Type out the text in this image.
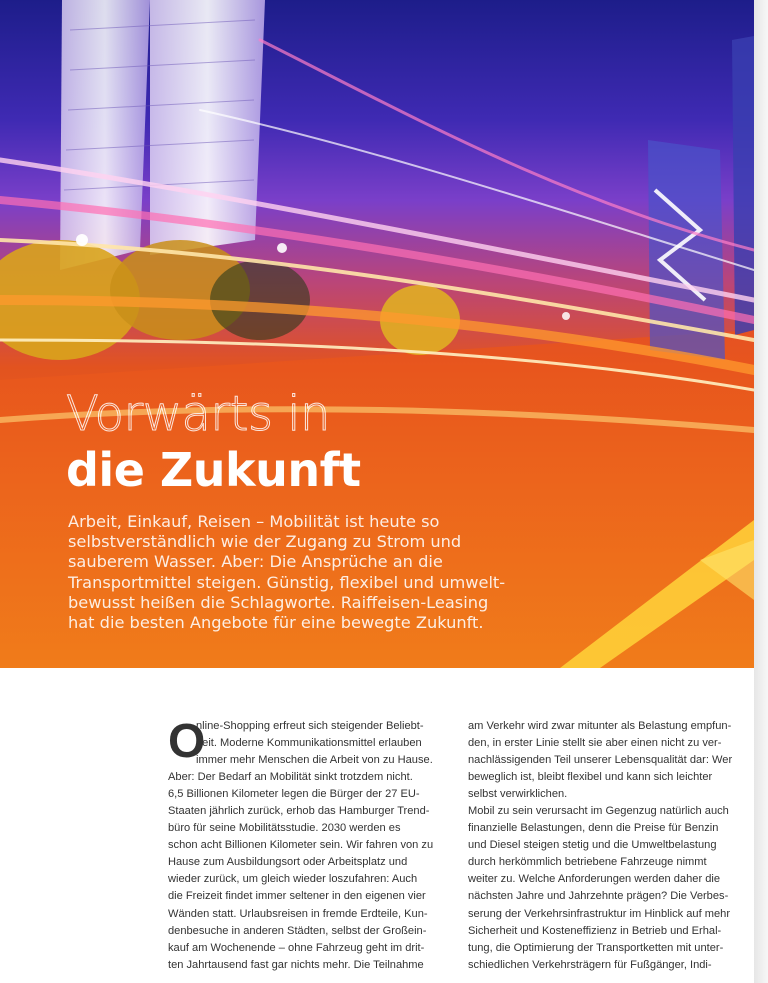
Vorwärts in
die Zukunft
Arbeit, Einkauf, Reisen – Mobilität ist heute so
selbstverständlich wie der Zugang zu Strom und
sauberem Wasser. Aber: Die Ansprüche an die
Transportmittel steigen. Günstig, flexibel und umwelt-
bewusst heißen die Schlagworte. Raiffeisen-Leasing
hat die besten Angebote für eine bewegte Zukunft.
O
nline-Shopping erfreut sich steigender Beliebt-
heit. Moderne Kommunikationsmittel erlauben
immer mehr Menschen die Arbeit von zu Hause.
Aber: Der Bedarf an Mobilität sinkt trotzdem nicht.
6,5 Billionen Kilometer legen die Bürger der 27 EU-
Staaten jährlich zurück, erhob das Hamburger Trend-
büro für seine Mobilitätsstudie. 2030 werden es
schon acht Billionen Kilometer sein. Wir fahren von zu
Hause zum Ausbildungsort oder Arbeitsplatz und
wieder zurück, um gleich wieder loszufahren: Auch
die Freizeit findet immer seltener in den eigenen vier
Wänden statt. Urlaubsreisen in fremde Erdteile, Kun-
denbesuche in anderen Städten, selbst der Großein-
kauf am Wochenende – ohne Fahrzeug geht im drit-
ten Jahrtausend fast gar nichts mehr. Die Teilnahme
am Verkehr wird zwar mitunter als Belastung empfun-
den, in erster Linie stellt sie aber einen nicht zu ver-
nachlässigenden Teil unserer Lebensqualität dar: Wer
beweglich ist, bleibt flexibel und kann sich leichter
selbst verwirklichen.
Mobil zu sein verursacht im Gegenzug natürlich auch
finanzielle Belastungen, denn die Preise für Benzin
und Diesel steigen stetig und die Umweltbelastung
durch herkömmlich betriebene Fahrzeuge nimmt
weiter zu. Welche Anforderungen werden daher die
nächsten Jahre und Jahrzehnte prägen? Die Verbes-
serung der Verkehrsinfrastruktur im Hinblick auf mehr
Sicherheit und Kosteneffizienz in Betrieb und Erhal-
tung, die Optimierung der Transportketten mit unter-
schiedlichen Verkehrsträgern für Fußgänger, Indi-
